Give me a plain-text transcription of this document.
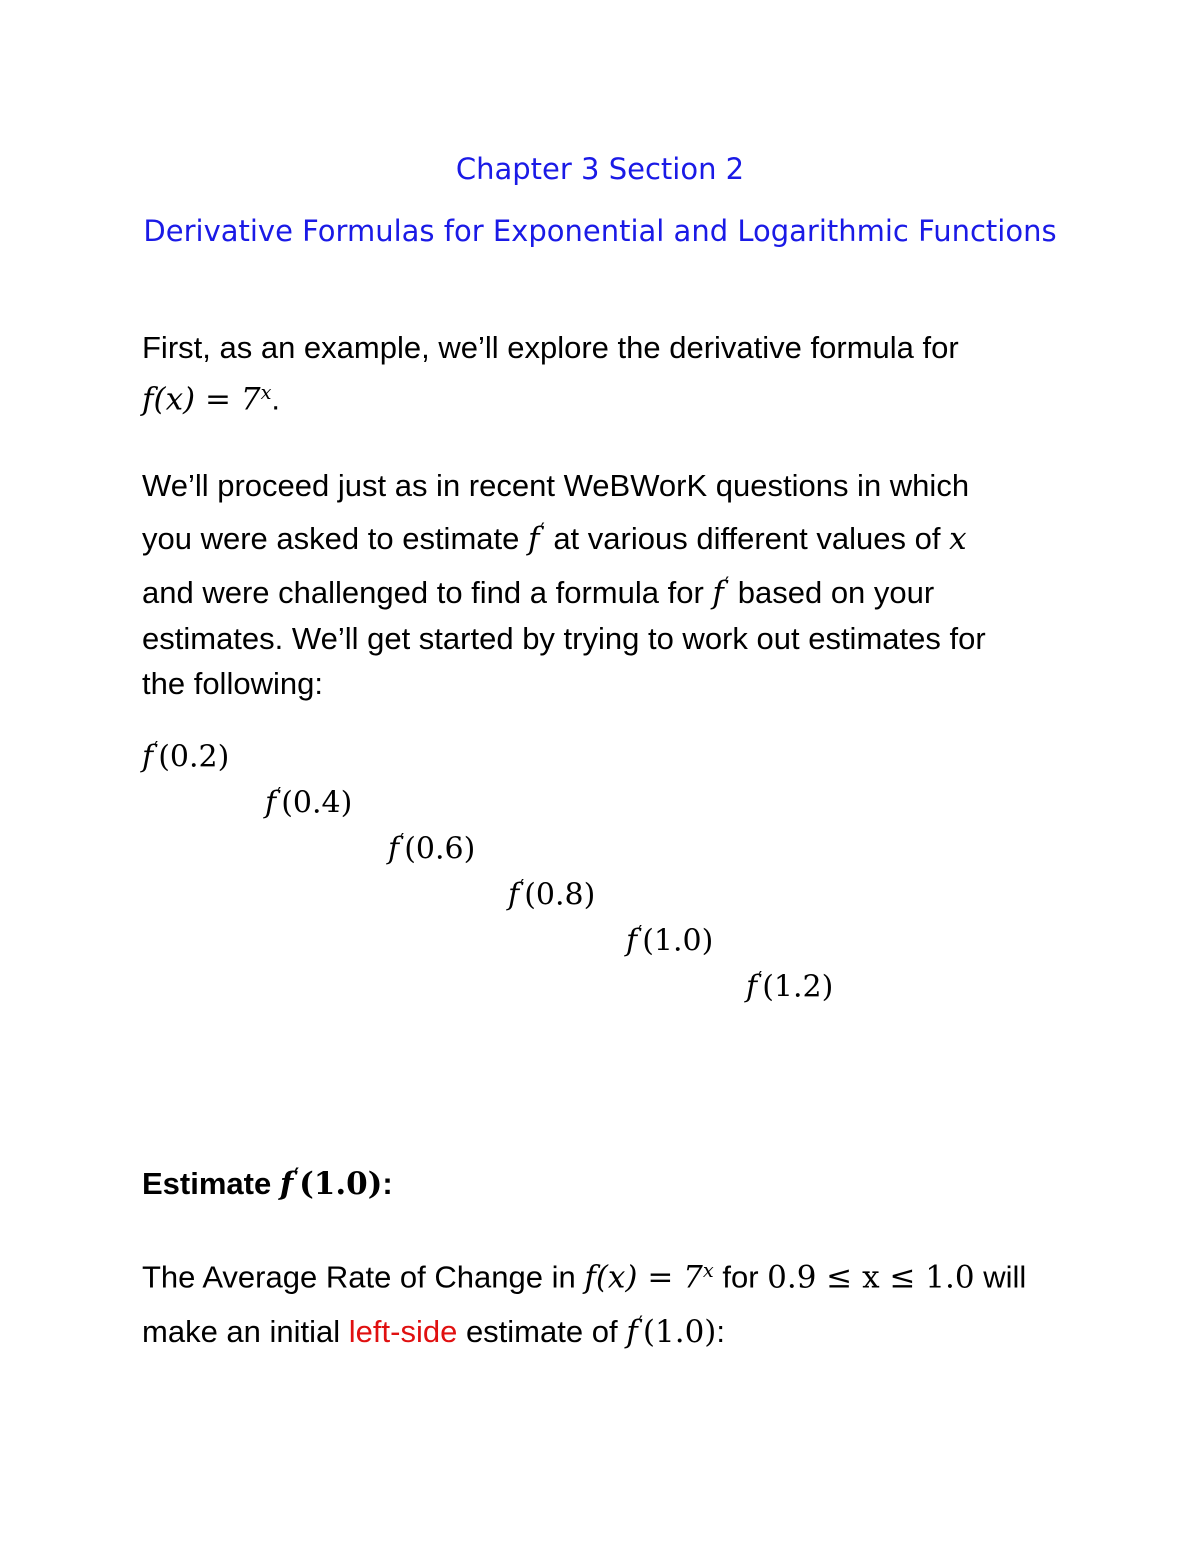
Chapter 3 Section 2
Derivative Formulas for Exponential and Logarithmic Functions
First, as an example, we’ll explore the derivative formula for
$f(x) = 7^x$.
We’ll proceed just as in recent WeBWorK questions in which
you were asked to estimate f′ at various different values of x
and were challenged to find a formula for f′ based on your
estimates. We’ll get started by trying to work out estimates for
the following:
f′(0.2)
f′(0.4)
f′(0.6)
f′(0.8)
f′(1.0)
f′(1.2)
Estimate f′(1.0):
The Average Rate of Change in $f(x) = 7^x$ for 0.9 ≤ x ≤ 1.0 will
make an initial left-side estimate of f′(1.0):
